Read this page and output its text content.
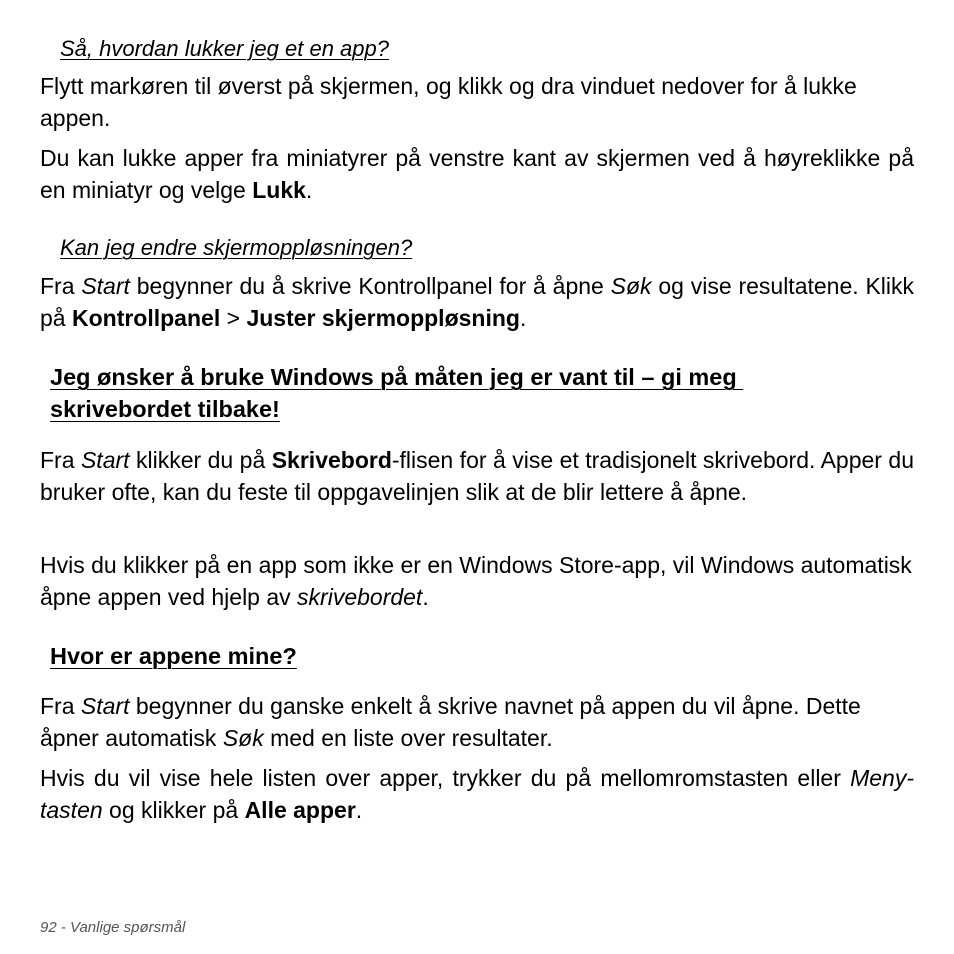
Så, hvordan lukker jeg et en app?
Flytt markøren til øverst på skjermen, og klikk og dra vinduet nedover for å lukke appen.
Du kan lukke apper fra miniatyrer på venstre kant av skjermen ved å høyreklikke på en miniatyr og velge Lukk.
Kan jeg endre skjermoppløsningen?
Fra Start begynner du å skrive Kontrollpanel for å åpne Søk og vise resultatene. Klikk på Kontrollpanel > Juster skjermoppløsning.
Jeg ønsker å bruke Windows på måten jeg er vant til – gi meg
skrivebordet tilbake!
Fra Start klikker du på Skrivebord-flisen for å vise et tradisjonelt skrivebord. Apper du bruker ofte, kan du feste til oppgavelinjen slik at de blir lettere å åpne.
Hvis du klikker på en app som ikke er en Windows Store-app, vil Windows automatisk åpne appen ved hjelp av skrivebordet.
Hvor er appene mine?
Fra Start begynner du ganske enkelt å skrive navnet på appen du vil åpne. Dette åpner automatisk Søk med en liste over resultater.
Hvis du vil vise hele listen over apper, trykker du på mellomromstasten eller Meny-tasten og klikker på Alle apper.
92 - Vanlige spørsmål
